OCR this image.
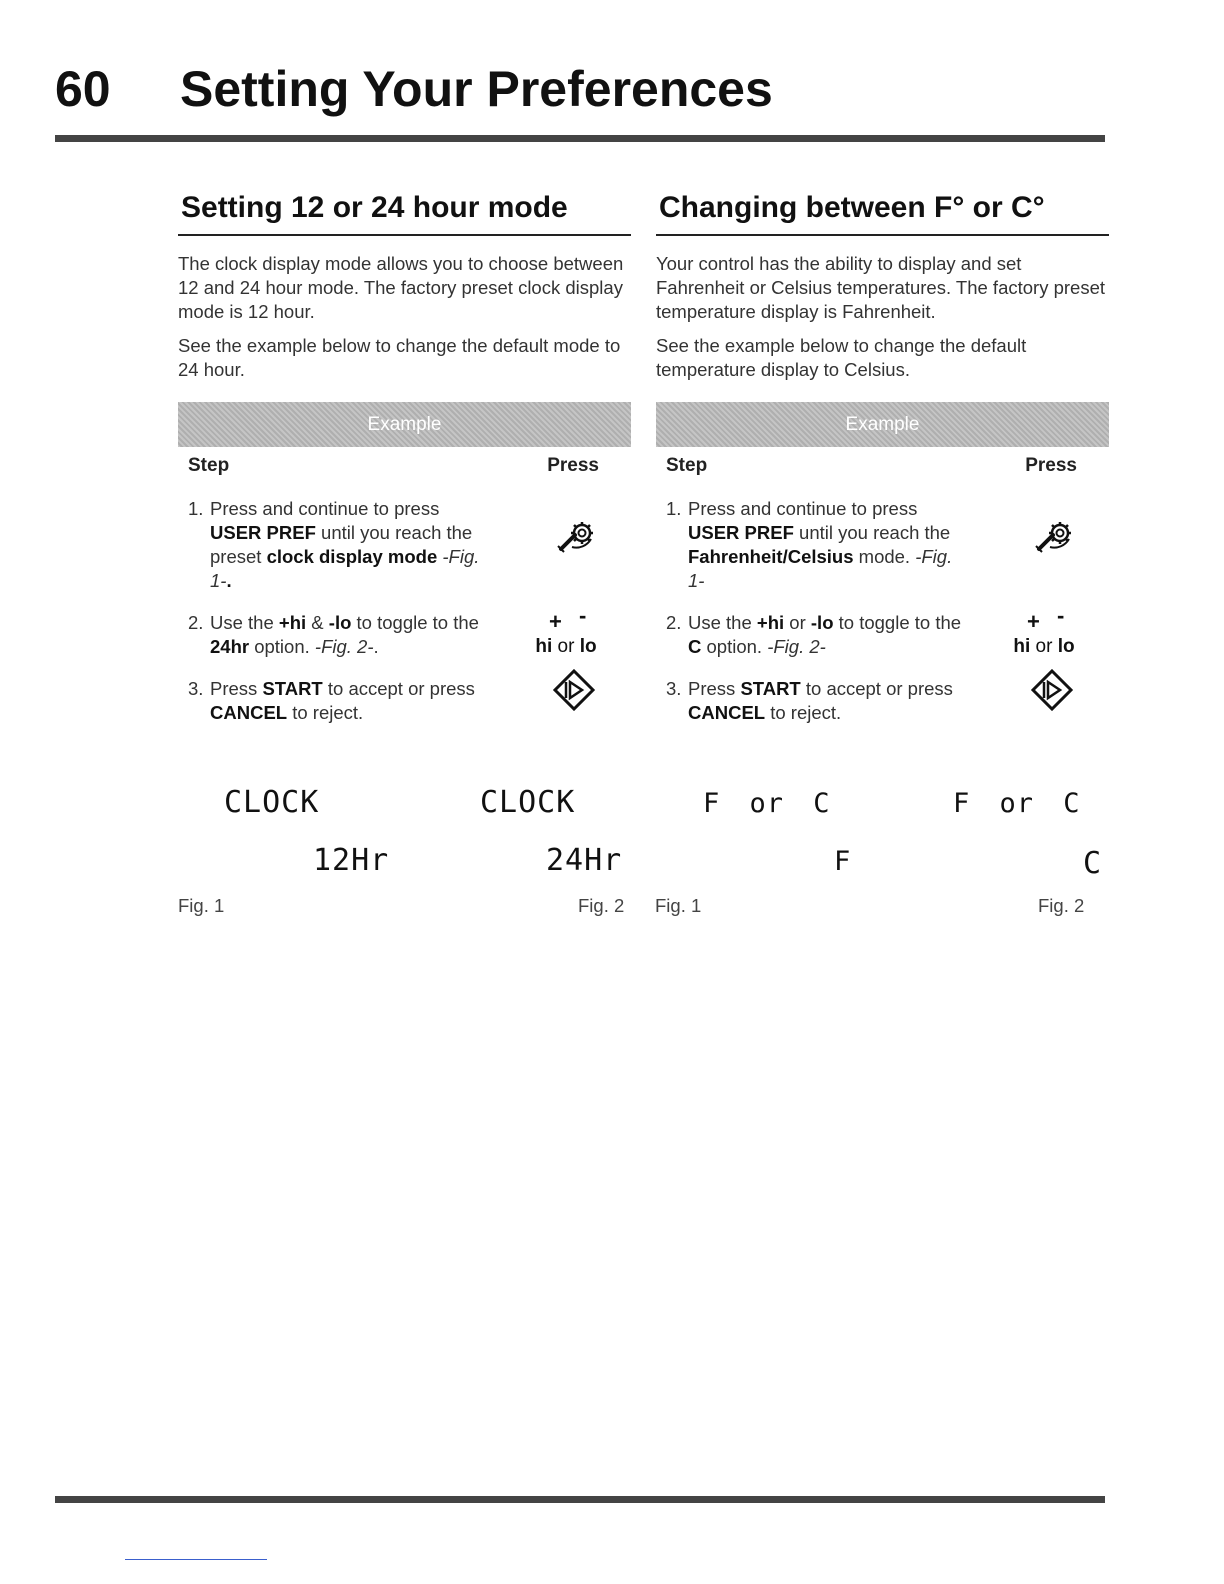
60 Setting Your Preferences
Setting 12 or 24 hour mode

The clock display mode allows you to choose between 12 and 24 hour mode. The factory preset clock display mode is 12 hour.

See the example below to change the default mode to 24 hour.

Example
Step	Press
1. Press and continue to press USER PREF until you reach the preset clock display mode -Fig. 1-.
2. Use the +hi & -lo to toggle to the 24hr option. -Fig. 2-.
+ -
hi or lo
3. Press START to accept or press CANCEL to reject.
Changing between F° or C°

Your control has the ability to display and set Fahrenheit or Celsius temperatures. The factory preset temperature display is Fahrenheit.

See the example below to change the default temperature display to Celsius.

Example
Step	Press
1. Press and continue to press USER PREF until you reach the Fahrenheit/Celsius mode. -Fig. 1-
2. Use the +hi or -lo to toggle to the C option. -Fig. 2-
+ -
hi or lo
3. Press START to accept or press CANCEL to reject.
CLOCK
12Hr
CLOCK
24Hr
Fig. 1	Fig. 2
F or C
F
F or C
C
Fig. 1	Fig. 2
